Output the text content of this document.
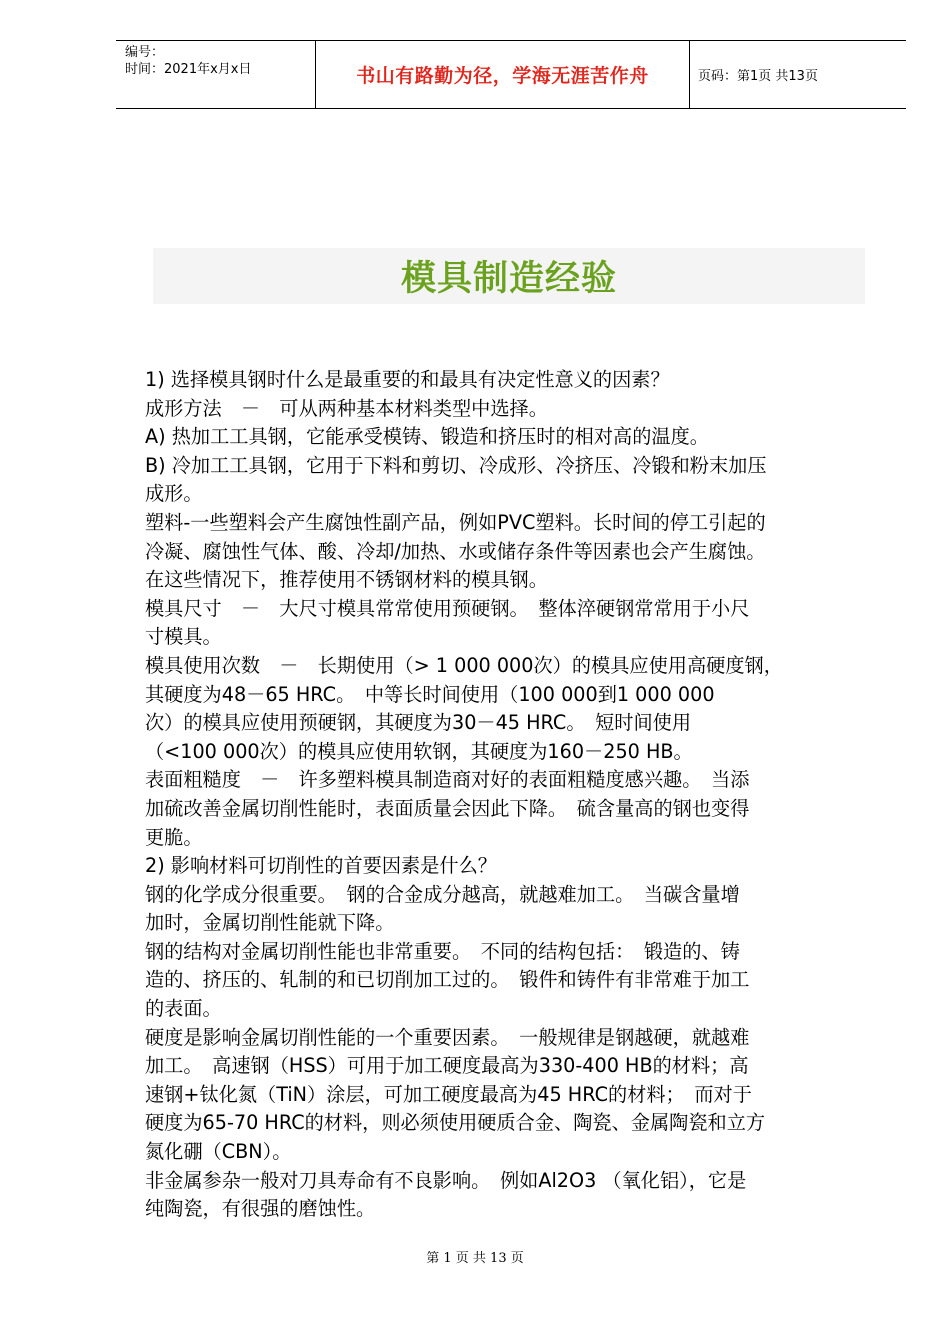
编号：
时间：2021年x月x日	书山有路勤为径，学海无涯苦作舟	页码：第1页 共13页
模具制造经验

1) 选择模具钢时什么是最重要的和最具有决定性意义的因素？

成形方法　－　可从两种基本材料类型中选择。

A) 热加工工具钢，它能承受模铸、锻造和挤压时的相对高的温度。

B) 冷加工工具钢，它用于下料和剪切、冷成形、冷挤压、冷锻和粉末加压

成形。

塑料-一些塑料会产生腐蚀性副产品，例如PVC塑料。长时间的停工引起的

冷凝、腐蚀性气体、酸、冷却/加热、水或储存条件等因素也会产生腐蚀。

在这些情况下，推荐使用不锈钢材料的模具钢。

模具尺寸　－　大尺寸模具常常使用预硬钢。　整体淬硬钢常常用于小尺

寸模具。

模具使用次数　－　长期使用（> 1 000 000次）的模具应使用高硬度钢，

其硬度为48－65 HRC。　中等长时间使用（100 000到1 000 000

次）的模具应使用预硬钢，其硬度为30－45 HRC。　短时间使用

（<100 000次）的模具应使用软钢，其硬度为160－250 HB。

表面粗糙度　－　许多塑料模具制造商对好的表面粗糙度感兴趣。　当添

加硫改善金属切削性能时，表面质量会因此下降。　硫含量高的钢也变得

更脆。

2) 影响材料可切削性的首要因素是什么？

钢的化学成分很重要。　钢的合金成分越高，就越难加工。　当碳含量增

加时，金属切削性能就下降。

钢的结构对金属切削性能也非常重要。　不同的结构包括：　锻造的、铸

造的、挤压的、轧制的和已切削加工过的。　锻件和铸件有非常难于加工

的表面。

硬度是影响金属切削性能的一个重要因素。　一般规律是钢越硬，就越难

加工。　高速钢（HSS）可用于加工硬度最高为330-400 HB的材料；高

速钢+钛化氮（TiN）涂层，可加工硬度最高为45 HRC的材料；　而对于

硬度为65-70 HRC的材料，则必须使用硬质合金、陶瓷、金属陶瓷和立方

氮化硼（CBN）。

非金属参杂一般对刀具寿命有不良影响。　例如Al2O3 （氧化铝），它是

纯陶瓷，有很强的磨蚀性。

第 1 页 共 13 页
